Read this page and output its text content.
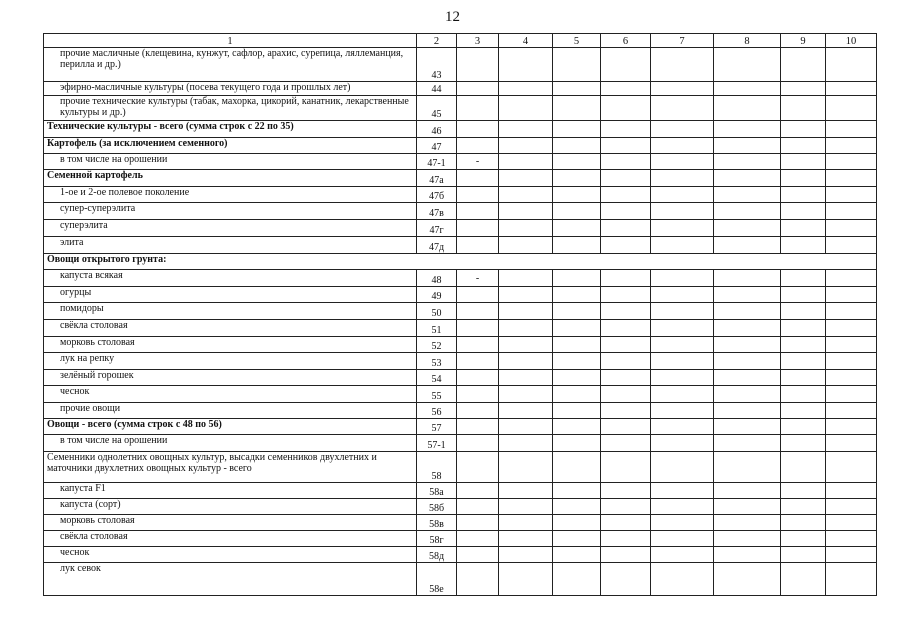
12
1	2	3	4	5	6	7	8	9	10
прочие масличные (клещевина, кунжут, сафлор, арахис, сурепица, ляллеманция, перилла и др.)	43								
эфирно-масличные культуры (посева текущего года и прошлых лет)	44								
прочие технические культуры (табак, махорка, цикорий, канатник, лекарственные культуры и др.)	45								
Технические культуры - всего (сумма строк с 22 по 35)	46								
Картофель (за исключением семенного)	47								
в том числе на орошении	47-1	-							
Семенной картофель	47а								
1-ое и 2-ое полевое поколение	47б								
супер-суперэлита	47в								
суперэлита	47г								
элита	47д								
Овощи открытого грунта:									
капуста всякая	48	-							
огурцы	49								
помидоры	50								
свёкла столовая	51								
морковь столовая	52								
лук на репку	53								
зелёный горошек	54								
чеснок	55								
прочие овощи	56								
Овощи - всего (сумма строк с 48 по 56)	57								
в том числе на орошении	57-1								
Семенники однолетних овощных культур, высадки семенников двухлетних и маточники двухлетних овощных культур - всего	58								
капуста F1	58а								
капуста (сорт)	58б								
морковь столовая	58в								
свёкла столовая	58г								
чеснок	58д								
лук севок	58е								
